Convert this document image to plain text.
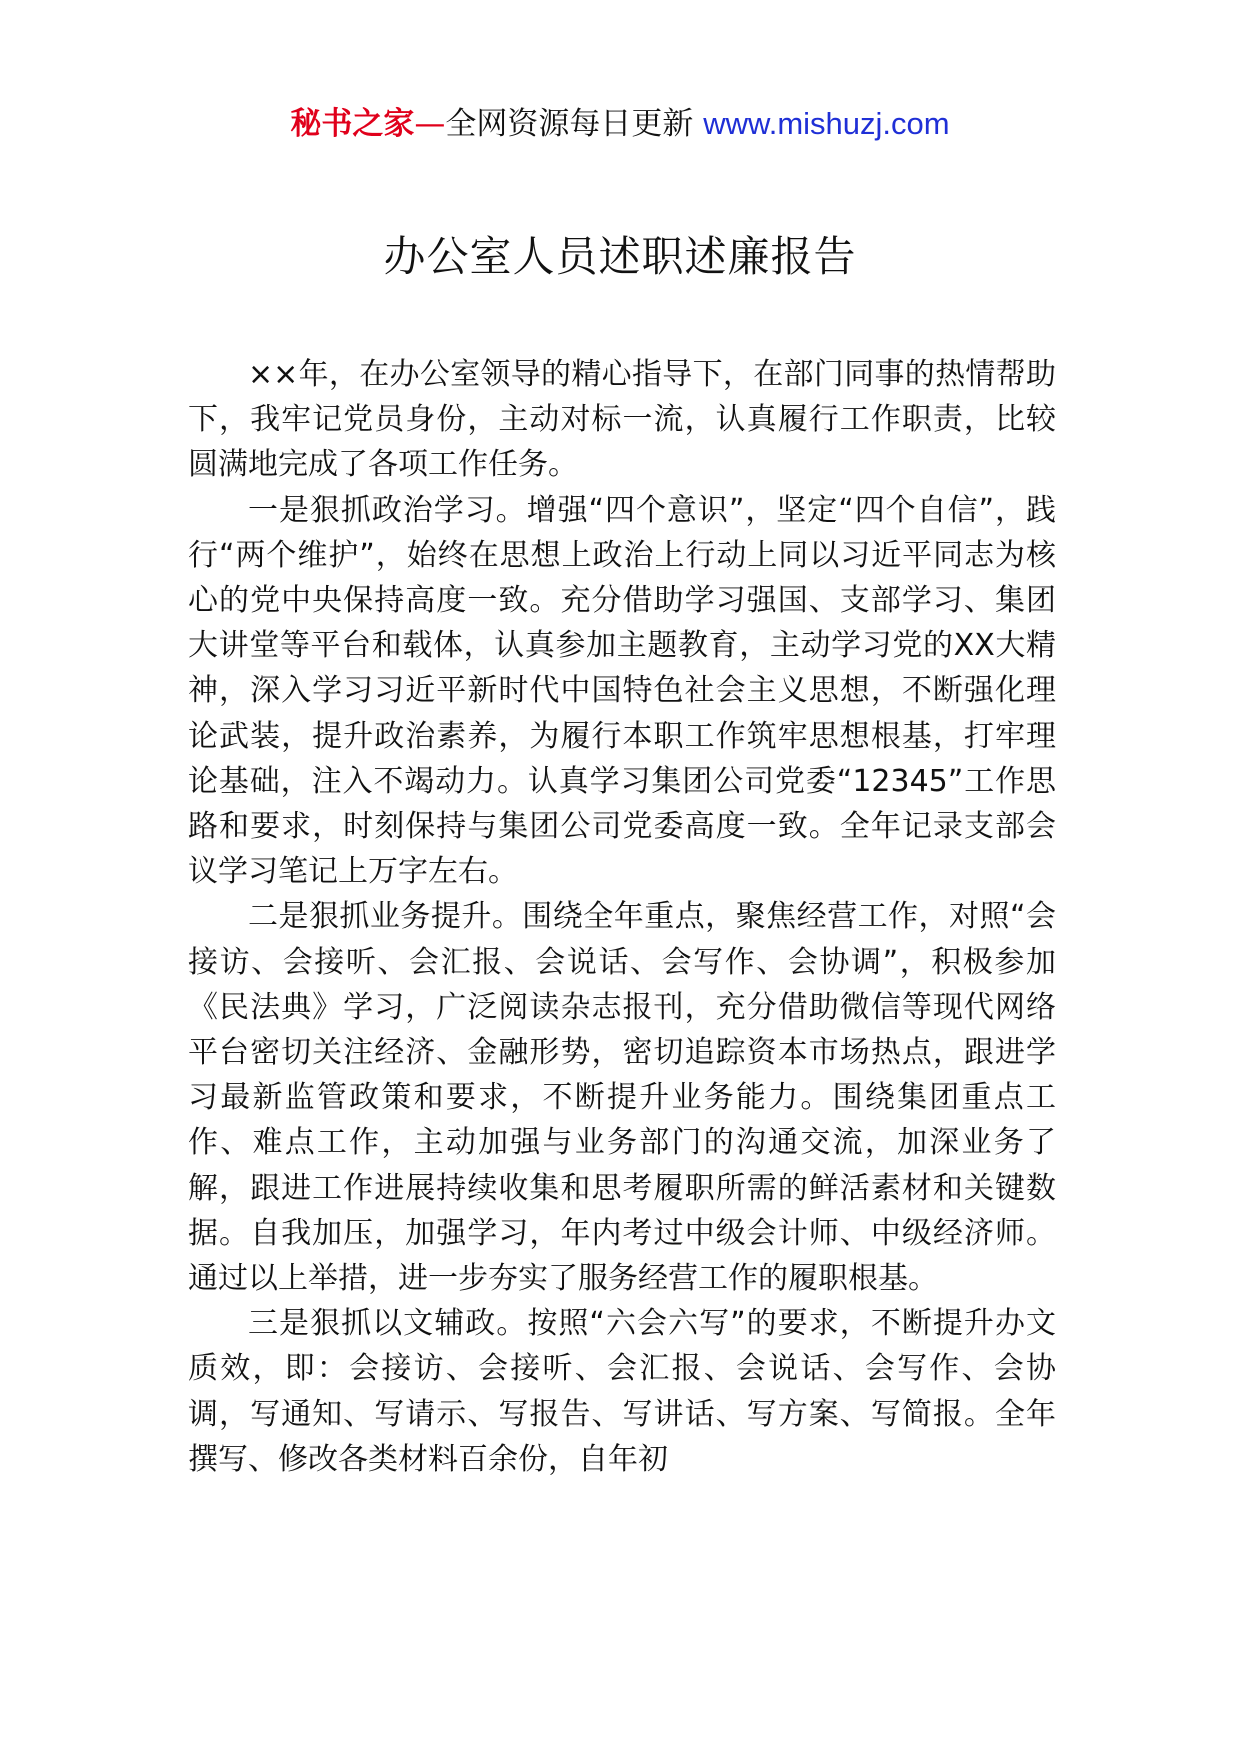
秘书之家—全网资源每日更新 www.mishuzj.com
办公室人员述职述廉报告

××年，在办公室领导的精心指导下，在部门同事的热情帮助下，我牢记党员身份，主动对标一流，认真履行工作职责，比较圆满地完成了各项工作任务。

一是狠抓政治学习。增强“四个意识”，坚定“四个自信”，践行“两个维护”，始终在思想上政治上行动上同以习近平同志为核心的党中央保持高度一致。充分借助学习强国、支部学习、集团大讲堂等平台和载体，认真参加主题教育，主动学习党的XX大精神，深入学习习近平新时代中国特色社会主义思想，不断强化理论武装，提升政治素养，为履行本职工作筑牢思想根基，打牢理论基础，注入不竭动力。认真学习集团公司党委“12345”工作思路和要求，时刻保持与集团公司党委高度一致。全年记录支部会议学习笔记上万字左右。

二是狠抓业务提升。围绕全年重点，聚焦经营工作，对照“会接访、会接听、会汇报、会说话、会写作、会协调”，积极参加《民法典》学习，广泛阅读杂志报刊，充分借助微信等现代网络平台密切关注经济、金融形势，密切追踪资本市场热点，跟进学习最新监管政策和要求，不断提升业务能力。围绕集团重点工作、难点工作，主动加强与业务部门的沟通交流，加深业务了解，跟进工作进展持续收集和思考履职所需的鲜活素材和关键数据。自我加压，加强学习，年内考过中级会计师、中级经济师。通过以上举措，进一步夯实了服务经营工作的履职根基。

三是狠抓以文辅政。按照“六会六写”的要求，不断提升办文质效，即：会接访、会接听、会汇报、会说话、会写作、会协调，写通知、写请示、写报告、写讲话、写方案、写简报。全年撰写、修改各类材料百余份，自年初
